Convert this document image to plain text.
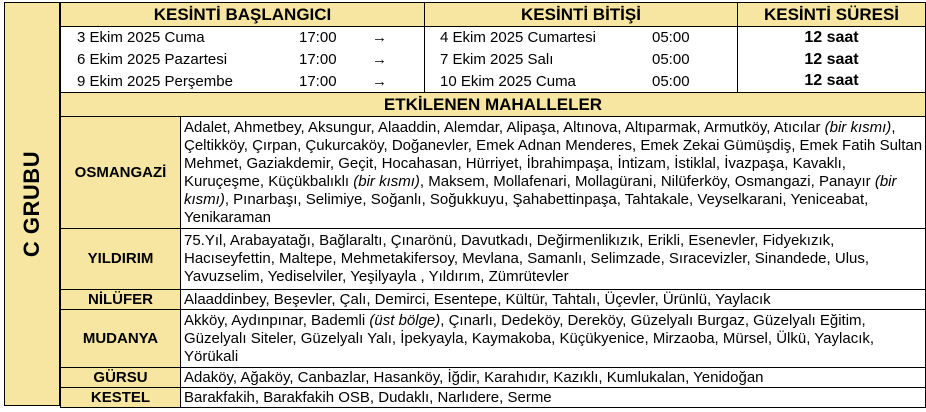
C GRUBU
KESİNTİ BAŞLANGICI		KESİNTİ BİTİŞİ	KESİNTİ SÜRESİ

3 Ekim 2025 Cuma 17:00 →		4 Ekim 2025 Cumartesi 05:00	12 saat

6 Ekim 2025 Pazartesi 17:00 →		7 Ekim 2025 Salı 05:00	12 saat

9 Ekim 2025 Perşembe 17:00 →		10 Ekim 2025 Cuma 05:00	12 saat
ETKİLENEN MAHALLELER			
OSMANGAZİ	Adalet, Ahmetbey, Aksungur, Alaaddin, Alemdar, Alipaşa, Altınova, Altıparmak, Armutköy, Atıcılar (bir kısmı), Çeltikköy, Çırpan, Çukurcaköy, Doğanevler, Emek Adnan Menderes, Emek Zekai Gümüşdiş, Emek Fatih Sultan Mehmet, Gaziakdemir, Geçit, Hocahasan, Hürriyet, İbrahimpaşa, İntizam, İstiklal, İvazpaşa, Kavaklı, Kuruçeşme, Küçükbalıklı (bir kısmı), Maksem, Mollafenari, Mollagürani, Nilüferköy, Osmangazi, Panayır (bir kısmı), Pınarbaşı, Selimiye, Soğanlı, Soğukkuyu, Şahabettinpaşa, Tahtakale, Veyselkarani, Yeniceabat, Yenikaraman		
YILDIRIM	75.Yıl, Arabayatağı, Bağlaraltı, Çınarönü, Davutkadı, Değirmenlikızık, Erikli, Esenevler, Fidyekızık, Hacıseyfettin, Maltepe, Mehmetakifersoy, Mevlana, Samanlı, Selimzade, Sıracevizler, Sinandede, Ulus, Yavuzselim, Yediselviler, Yeşilyayla , Yıldırım, Zümrütevler		
NİLÜFER	Alaaddinbey, Beşevler, Çalı, Demirci, Esentepe, Kültür, Tahtalı, Üçevler, Ürünlü, Yaylacık		
MUDANYA	Akköy, Aydınpınar, Bademli (üst bölge), Çınarlı, Dedeköy, Dereköy, Güzelyalı Burgaz, Güzelyalı Eğitim, Güzelyalı Siteler, Güzelyalı Yalı, İpekyayla, Kaymakoba, Küçükyenice, Mirzaoba, Mürsel, Ülkü, Yaylacık, Yörükali		
GÜRSU	Adaköy, Ağaköy, Canbazlar, Hasanköy, İğdir, Karahıdır, Kazıklı, Kumlukalan, Yenidoğan		
KESTEL	Barakfakih, Barakfakih OSB, Dudaklı, Narlıdere, Serme		
